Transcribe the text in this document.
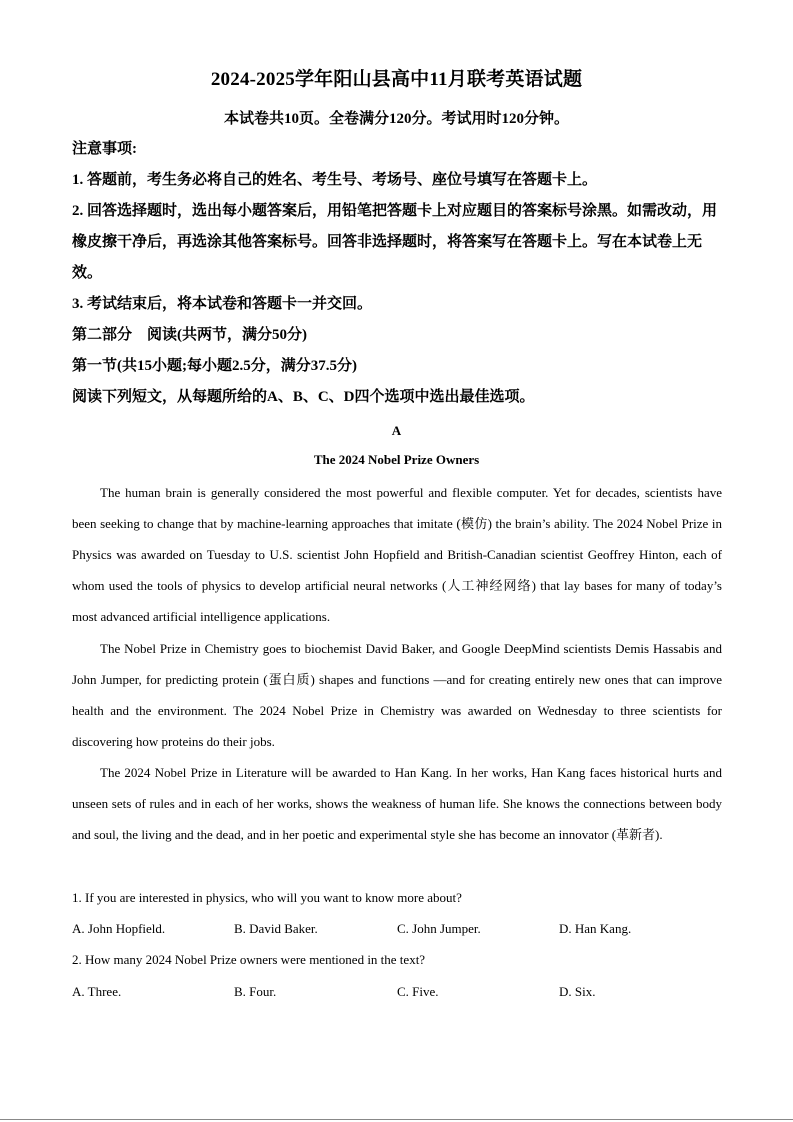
2024-2025学年阳山县高中11月联考英语试题
本试卷共10页。全卷满分120分。考试用时120分钟。
注意事项:
1. 答题前，考生务必将自己的姓名、考生号、考场号、座位号填写在答题卡上。
2. 回答选择题时，选出每小题答案后，用铅笔把答题卡上对应题目的答案标号涂黑。如需改动，用橡皮擦干净后，再选涂其他答案标号。回答非选择题时，将答案写在答题卡上。写在本试卷上无效。
3. 考试结束后，将本试卷和答题卡一并交回。
第二部分　阅读(共两节，满分50分)
第一节(共15小题;每小题2.5分，满分37.5分)
阅读下列短文，从每题所给的A、B、C、D四个选项中选出最佳选项。
A
The 2024 Nobel Prize Owners
The human brain is generally considered the most powerful and flexible computer. Yet for decades, scientists have been seeking to change that by machine-learning approaches that imitate (模仿) the brain’s ability. The 2024 Nobel Prize in Physics was awarded on Tuesday to U.S. scientist John Hopfield and British-Canadian scientist Geoffrey Hinton, each of whom used the tools of physics to develop artificial neural networks (人工神经网络) that lay bases for many of today’s most advanced artificial intelligence applications.
The Nobel Prize in Chemistry goes to biochemist David Baker, and Google DeepMind scientists Demis Hassabis and John Jumper, for predicting protein (蛋白质) shapes and functions —and for creating entirely new ones that can improve health and the environment. The 2024 Nobel Prize in Chemistry was awarded on Wednesday to three scientists for discovering how proteins do their jobs.
The 2024 Nobel Prize in Literature will be awarded to Han Kang. In her works, Han Kang faces historical hurts and unseen sets of rules and in each of her works, shows the weakness of human life. She knows the connections between body and soul, the living and the dead, and in her poetic and experimental style she has become an innovator (革新者).
1. If you are interested in physics, who will you want to know more about?
A. John Hopfield.	B. David Baker.	C. John Jumper.	D. Han Kang.
2. How many 2024 Nobel Prize owners were mentioned in the text?
A. Three.	B. Four.	C. Five.	D. Six.
